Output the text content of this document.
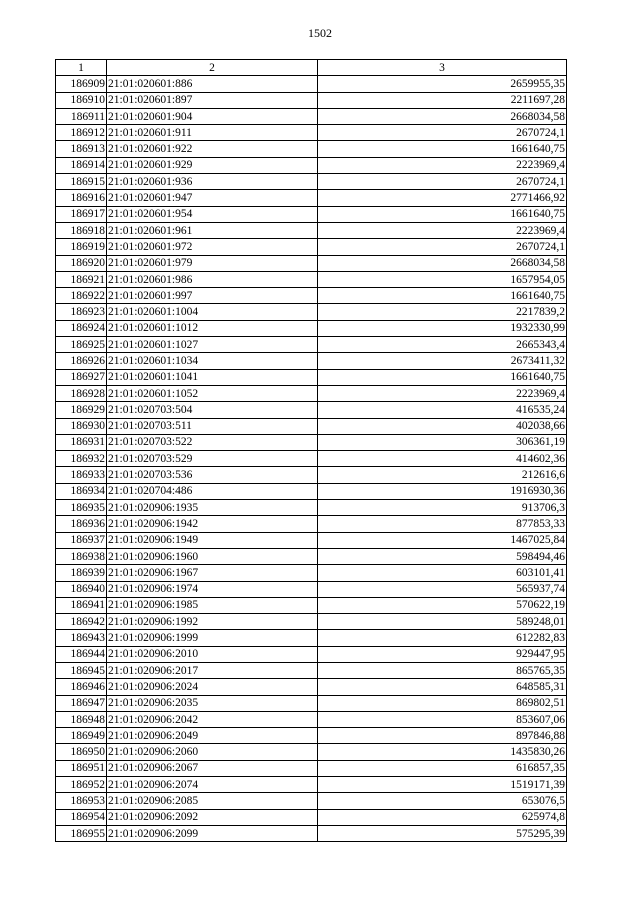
1502
1	2	3
186909	21:01:020601:886	2659955,35
186910	21:01:020601:897	2211697,28
186911	21:01:020601:904	2668034,58
186912	21:01:020601:911	2670724,1
186913	21:01:020601:922	1661640,75
186914	21:01:020601:929	2223969,4
186915	21:01:020601:936	2670724,1
186916	21:01:020601:947	2771466,92
186917	21:01:020601:954	1661640,75
186918	21:01:020601:961	2223969,4
186919	21:01:020601:972	2670724,1
186920	21:01:020601:979	2668034,58
186921	21:01:020601:986	1657954,05
186922	21:01:020601:997	1661640,75
186923	21:01:020601:1004	2217839,2
186924	21:01:020601:1012	1932330,99
186925	21:01:020601:1027	2665343,4
186926	21:01:020601:1034	2673411,32
186927	21:01:020601:1041	1661640,75
186928	21:01:020601:1052	2223969,4
186929	21:01:020703:504	416535,24
186930	21:01:020703:511	402038,66
186931	21:01:020703:522	306361,19
186932	21:01:020703:529	414602,36
186933	21:01:020703:536	212616,6
186934	21:01:020704:486	1916930,36
186935	21:01:020906:1935	913706,3
186936	21:01:020906:1942	877853,33
186937	21:01:020906:1949	1467025,84
186938	21:01:020906:1960	598494,46
186939	21:01:020906:1967	603101,41
186940	21:01:020906:1974	565937,74
186941	21:01:020906:1985	570622,19
186942	21:01:020906:1992	589248,01
186943	21:01:020906:1999	612282,83
186944	21:01:020906:2010	929447,95
186945	21:01:020906:2017	865765,35
186946	21:01:020906:2024	648585,31
186947	21:01:020906:2035	869802,51
186948	21:01:020906:2042	853607,06
186949	21:01:020906:2049	897846,88
186950	21:01:020906:2060	1435830,26
186951	21:01:020906:2067	616857,35
186952	21:01:020906:2074	1519171,39
186953	21:01:020906:2085	653076,5
186954	21:01:020906:2092	625974,8
186955	21:01:020906:2099	575295,39
